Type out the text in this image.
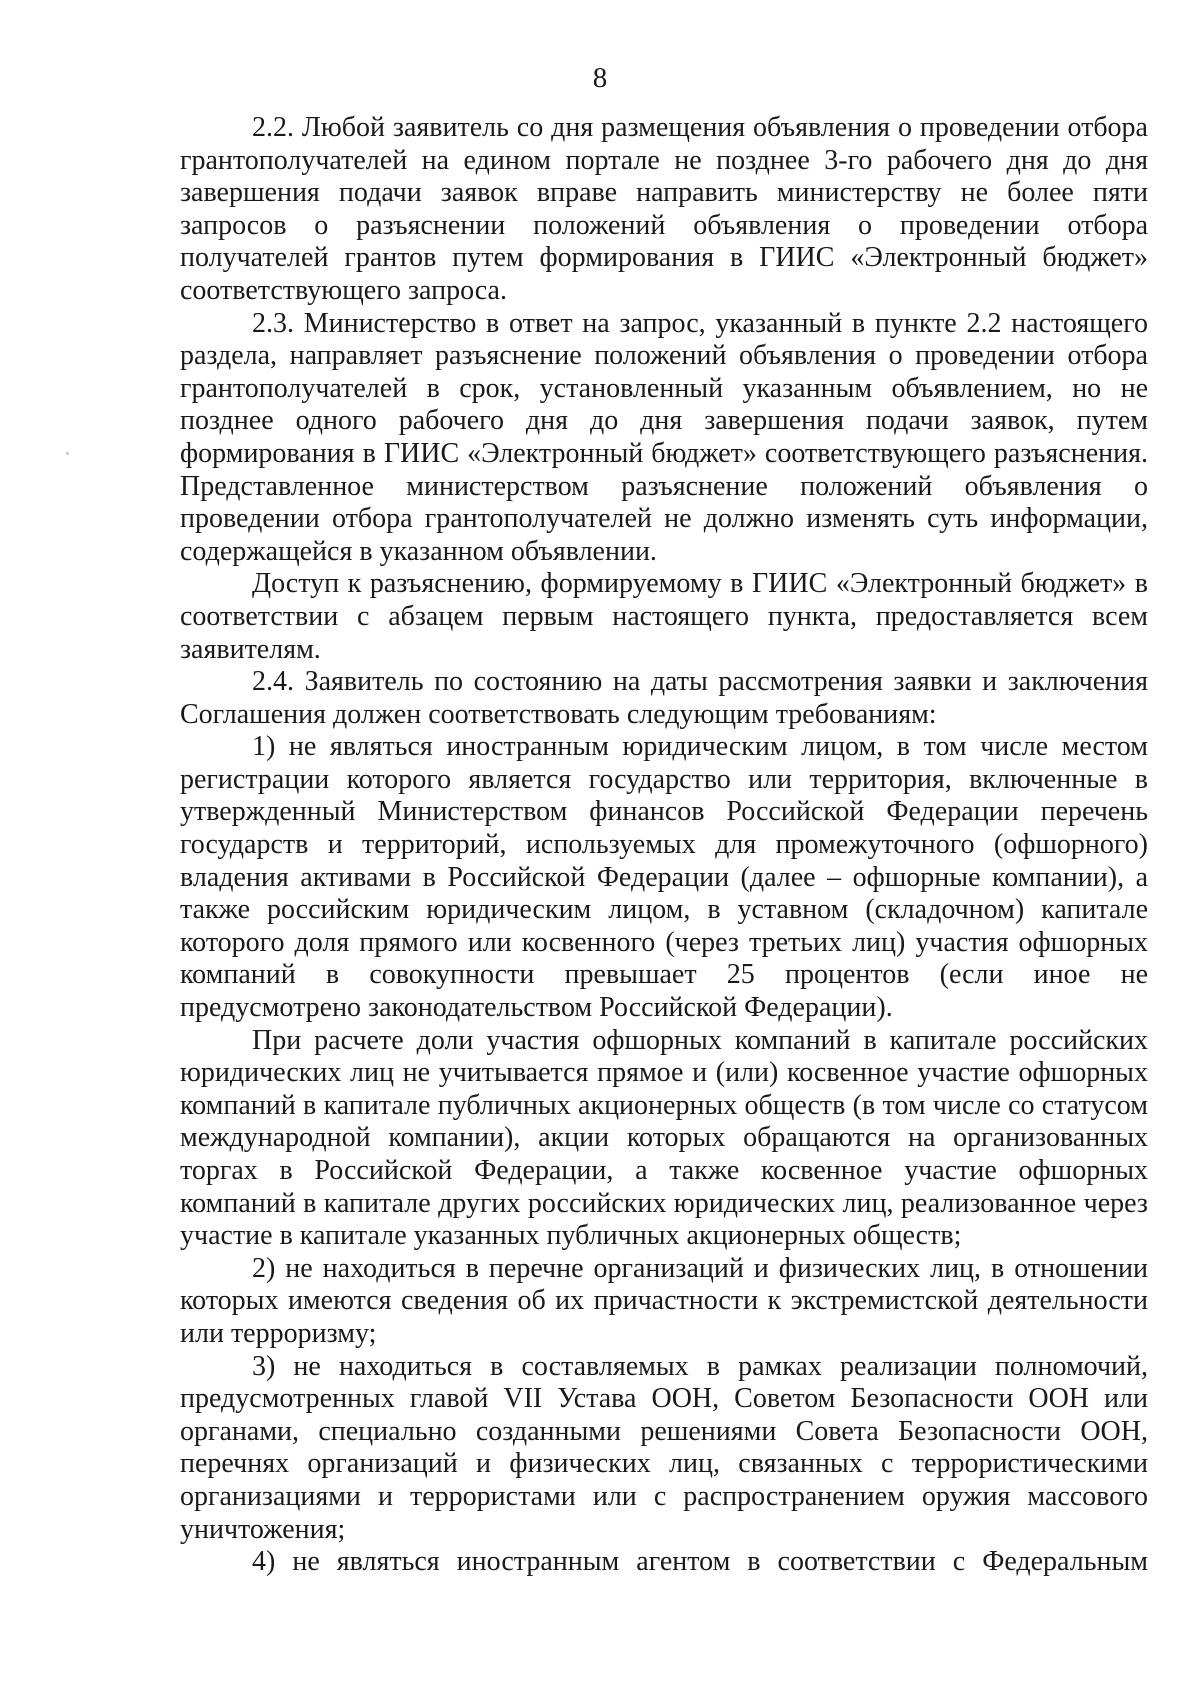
8

2.2. Любой заявитель со дня размещения объявления о проведении отбора грантополучателей на едином портале не позднее 3-го рабочего дня до дня завершения подачи заявок вправе направить министерству не более пяти запросов о разъяснении положений объявления о проведении отбора получателей грантов путем формирования в ГИИС «Электронный бюджет» соответствующего запроса.

2.3. Министерство в ответ на запрос, указанный в пункте 2.2 настоящего раздела, направляет разъяснение положений объявления о проведении отбора грантополучателей в срок, установленный указанным объявлением, но не позднее одного рабочего дня до дня завершения подачи заявок, путем формирования в ГИИС «Электронный бюджет» соответствующего разъяснения. Представленное министерством разъяснение положений объявления о проведении отбора грантополучателей не должно изменять суть информации, содержащейся в указанном объявлении.

Доступ к разъяснению, формируемому в ГИИС «Электронный бюджет» в соответствии с абзацем первым настоящего пункта, предоставляется всем заявителям.

2.4. Заявитель по состоянию на даты рассмотрения заявки и заключения Соглашения должен соответствовать следующим требованиям:

1) не являться иностранным юридическим лицом, в том числе местом регистрации которого является государство или территория, включенные в утвержденный Министерством финансов Российской Федерации перечень государств и территорий, используемых для промежуточного (офшорного) владения активами в Российской Федерации (далее – офшорные компании), а также российским юридическим лицом, в уставном (складочном) капитале которого доля прямого или косвенного (через третьих лиц) участия офшорных компаний в совокупности превышает 25 процентов (если иное не предусмотрено законодательством Российской Федерации).

При расчете доли участия офшорных компаний в капитале российских юридических лиц не учитывается прямое и (или) косвенное участие офшорных компаний в капитале публичных акционерных обществ (в том числе со статусом международной компании), акции которых обращаются на организованных торгах в Российской Федерации, а также косвенное участие офшорных компаний в капитале других российских юридических лиц, реализованное через участие в капитале указанных публичных акционерных обществ;

2) не находиться в перечне организаций и физических лиц, в отношении которых имеются сведения об их причастности к экстремистской деятельности или терроризму;

3) не находиться в составляемых в рамках реализации полномочий, предусмотренных главой VII Устава ООН, Советом Безопасности ООН или органами, специально созданными решениями Совета Безопасности ООН, перечнях организаций и физических лиц, связанных с террористическими организациями и террористами или с распространением оружия массового уничтожения;

4) не являться иностранным агентом в соответствии с Федеральным
